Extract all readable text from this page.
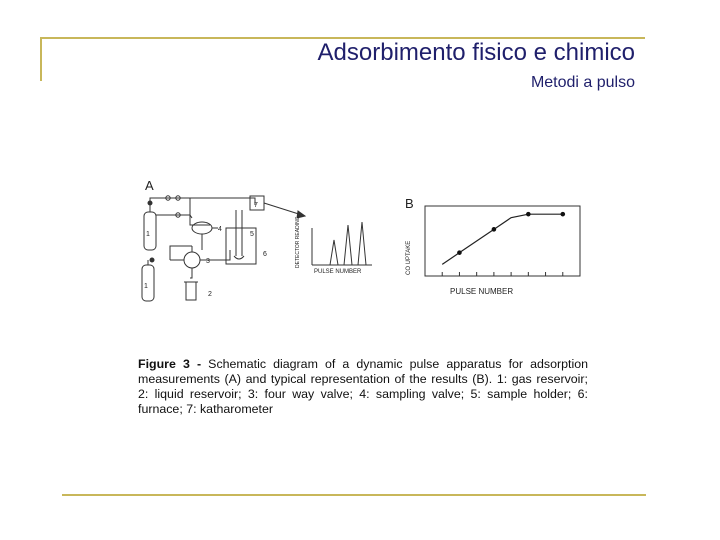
Adsorbimento fisico e chimico
Metodi a pulso
A
1
1
2
3
4
5
6
7
DETECTOR READING
PULSE NUMBER
B
CO UPTAKE
PULSE NUMBER
Figure 3 - Schematic diagram of a dynamic pulse apparatus for adsorption measurements (A) and typical representation of the results (B). 1: gas reservoir; 2: liquid reservoir; 3: four way valve; 4: sampling valve; 5: sample holder; 6: furnace; 7: katharometer
